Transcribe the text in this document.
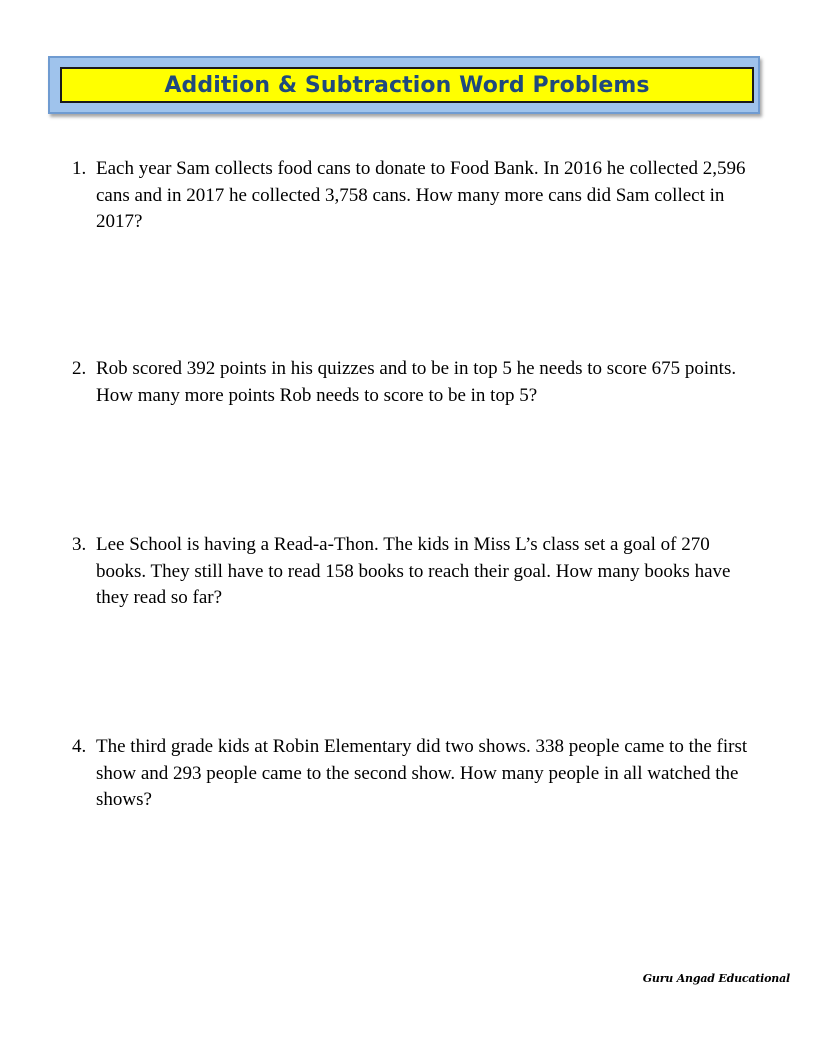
Addition & Subtraction Word Problems
1. Each year Sam collects food cans to donate to Food Bank. In 2016 he collected 2,596 cans and in 2017 he collected 3,758 cans. How many more cans did Sam collect in 2017?
2. Rob scored 392 points in his quizzes and to be in top 5 he needs to score 675 points. How many more points Rob needs to score to be in top 5?
3. Lee School is having a Read-a-Thon. The kids in Miss L’s class set a goal of 270 books. They still have to read 158 books to reach their goal. How many books have they read so far?
4. The third grade kids at Robin Elementary did two shows. 338 people came to the first show and 293 people came to the second show. How many people in all watched the shows?
Guru Angad Educational
